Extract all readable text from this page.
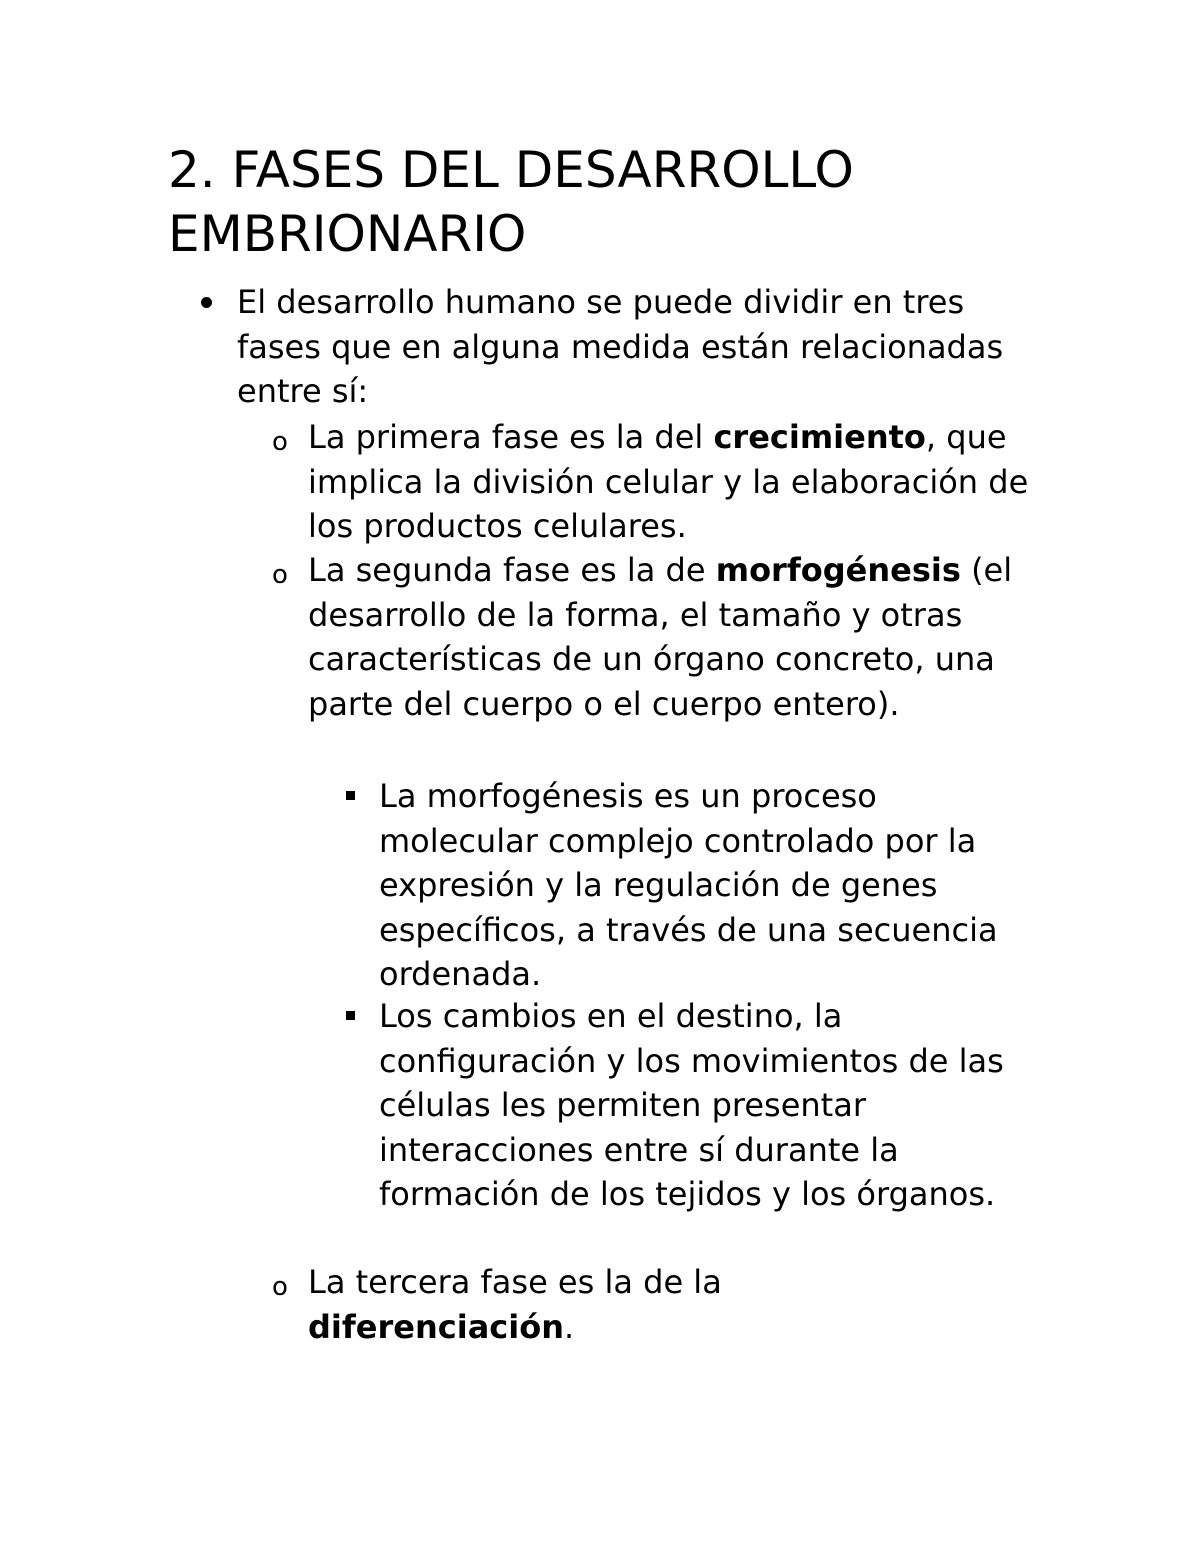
2. FASES DEL DESARROLLO
EMBRIONARIO

El desarrollo humano se puede dividir en tres fases que en alguna medida están relacionadas entre sí:

o La primera fase es la del crecimiento, que implica la división celular y la elaboración de los productos celulares.

o La segunda fase es la de morfogénesis (el desarrollo de la forma, el tamaño y otras características de un órgano concreto, una parte del cuerpo o el cuerpo entero).

La morfogénesis es un proceso molecular complejo controlado por la expresión y la regulación de genes específicos, a través de una secuencia ordenada.

Los cambios en el destino, la configuración y los movimientos de las células les permiten presentar interacciones entre sí durante la formación de los tejidos y los órganos.

o La tercera fase es la de la
diferenciación.
